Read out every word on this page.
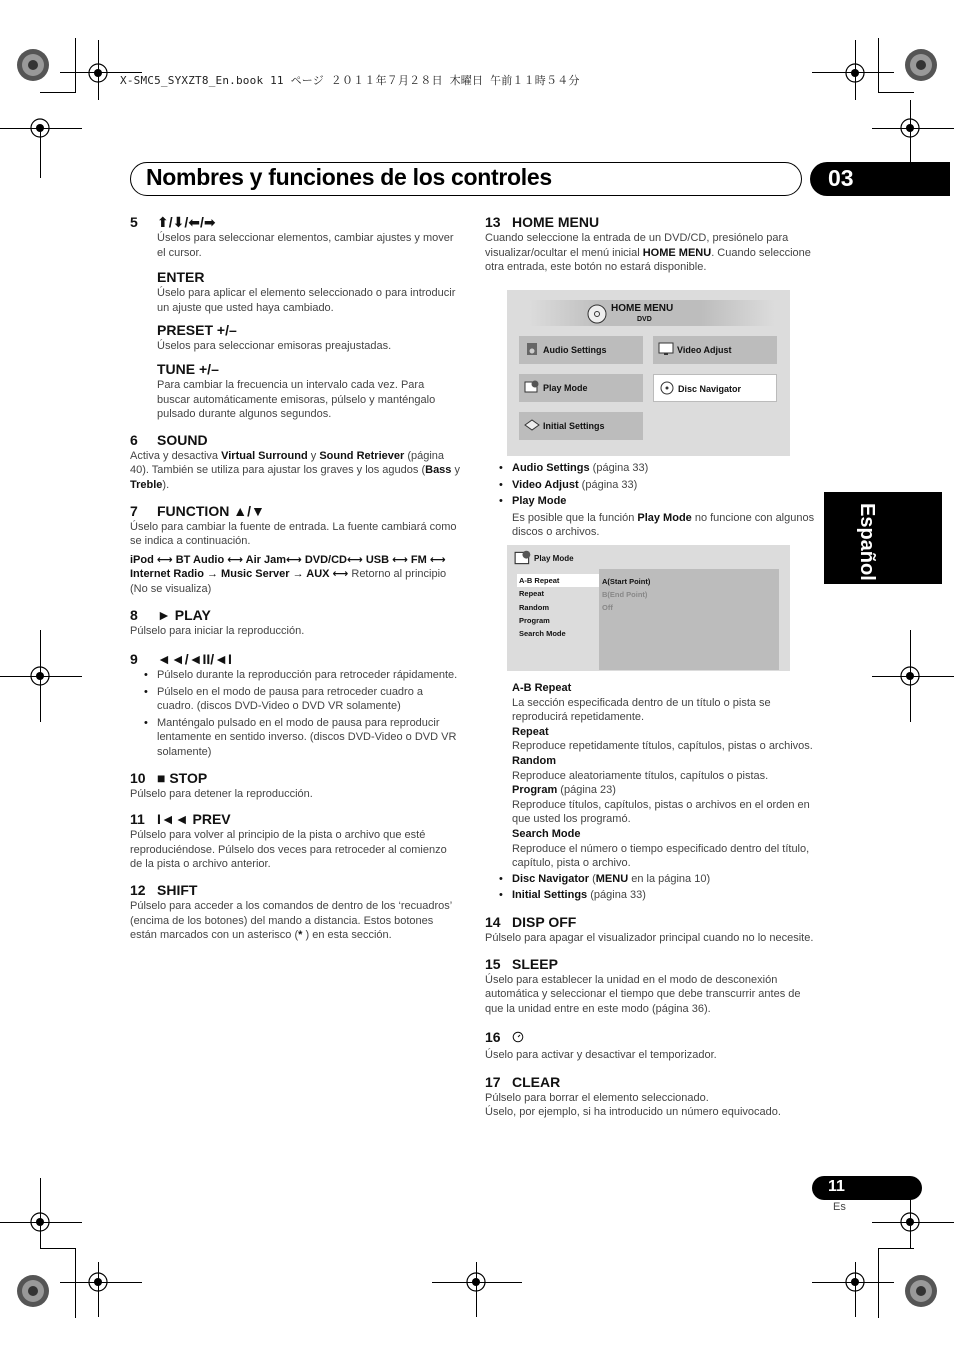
X-SMC5_SYXZT8_En.book 11 ページ ２０１１年７月２８日 木曜日 午前１１時５４分
Nombres y funciones de los controles	03
Español
5 ⬆/⬇/⬅/➡
Úselos para seleccionar elementos, cambiar ajustes y mover el cursor.
ENTER
Úselo para aplicar el elemento seleccionado o para introducir un ajuste que usted haya cambiado.
PRESET +/–
Úselos para seleccionar emisoras preajustadas.
TUNE +/–
Para cambiar la frecuencia un intervalo cada vez. Para buscar automáticamente emisoras, púlselo y manténgalo pulsado durante algunos segundos.
6 SOUND
Activa y desactiva Virtual Surround y Sound Retriever (página 40). También se utiliza para ajustar los graves y los agudos (Bass y Treble).
7 FUNCTION ▲/▼
Úselo para cambiar la fuente de entrada. La fuente cambiará como se indica a continuación.
iPod ⟷ BT Audio ⟷ Air Jam⟷ DVD/CD⟷ USB ⟷ FM ⟷ Internet Radio → Music Server → AUX ⟷ Retorno al principio (No se visualiza)
8 ► PLAY
Púlselo para iniciar la reproducción.
9 ◄◄/◄II/◄I
• Púlselo durante la reproducción para retroceder rápidamente.
• Púlselo en el modo de pausa para retroceder cuadro a cuadro. (discos DVD-Video o DVD VR solamente)
• Manténgalo pulsado en el modo de pausa para reproducir lentamente en sentido inverso. (discos DVD-Video o DVD VR solamente)
10 ■ STOP
Púlselo para detener la reproducción.
11 I◄◄ PREV
Púlselo para volver al principio de la pista o archivo que esté reproduciéndose. Púlselo dos veces para retroceder al comienzo de la pista o archivo anterior.
12 SHIFT
Púlselo para acceder a los comandos de dentro de los ‘recuadros’ (encima de los botones) del mando a distancia. Estos botones están marcados con un asterisco (* ) en esta sección.
13 HOME MENU
Cuando seleccione la entrada de un DVD/CD, presiónelo para visualizar/ocultar el menú inicial HOME MENU. Cuando seleccione otra entrada, este botón no estará disponible.
HOME MENU
DVD
Audio Settings	Video Adjust
Play Mode	Disc Navigator
Initial Settings
• Audio Settings (página 33)
• Video Adjust (página 33)
• Play Mode
Es posible que la función Play Mode no funcione con algunos discos o archivos.
Play Mode
A(Start Point)
B(End Point)
Off
A-B Repeat
Repeat
Random
Program
Search Mode
A-B Repeat
La sección especificada dentro de un título o pista se reproducirá repetidamente.
Repeat
Reproduce repetidamente títulos, capítulos, pistas o archivos.
Random
Reproduce aleatoriamente títulos, capítulos o pistas.
Program (página 23)
Reproduce títulos, capítulos, pistas o archivos en el orden en que usted los programó.
Search Mode
Reproduce el número o tiempo especificado dentro del título, capítulo, pista o archivo.
• Disc Navigator (MENU en la página 10)
• Initial Settings (página 33)
14 DISP OFF
Púlselo para apagar el visualizador principal cuando no lo necesite.
15 SLEEP
Úselo para establecer la unidad en el modo de desconexión automática y seleccionar el tiempo que debe transcurrir antes de que la unidad entre en este modo (página 36).
16
Úselo para activar y desactivar el temporizador.
17 CLEAR
Púlselo para borrar el elemento seleccionado.
Úselo, por ejemplo, si ha introducido un número equivocado.
11
Es
